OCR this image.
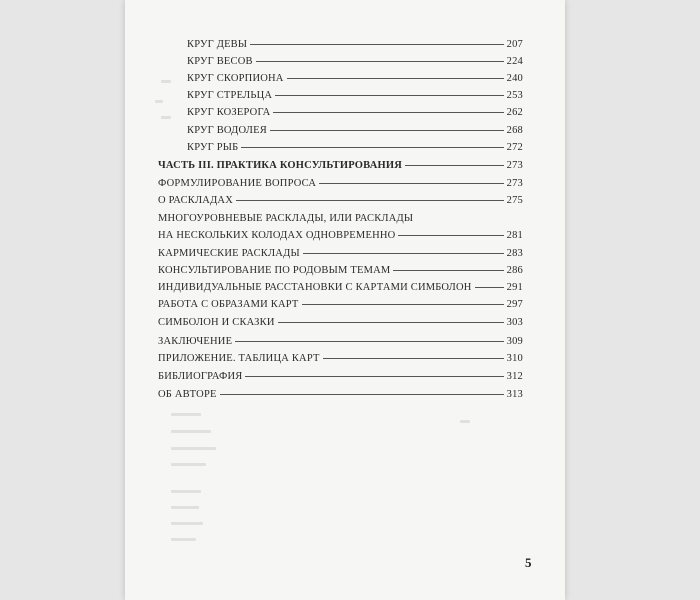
КРУГ ДЕВЫ	207
КРУГ ВЕСОВ	224
КРУГ СКОРПИОНА	240
КРУГ СТРЕЛЬЦА	253
КРУГ КОЗЕРОГА	262
КРУГ ВОДОЛЕЯ	268
КРУГ РЫБ	272
ЧАСТЬ III. ПРАКТИКА КОНСУЛЬТИРОВАНИЯ	273
ФОРМУЛИРОВАНИЕ ВОПРОСА	273
О РАСКЛАДАХ	275
МНОГОУРОВНЕВЫЕ РАСКЛАДЫ, ИЛИ РАСКЛАДЫ
НА НЕСКОЛЬКИХ КОЛОДАХ ОДНОВРЕМЕННО	281
КАРМИЧЕСКИЕ РАСКЛАДЫ	283
КОНСУЛЬТИРОВАНИЕ ПО РОДОВЫМ ТЕМАМ	286
ИНДИВИДУАЛЬНЫЕ РАССТАНОВКИ С КАРТАМИ СИМБОЛОН	291
РАБОТА С ОБРАЗАМИ КАРТ	297
СИМБОЛОН И СКАЗКИ	303
ЗАКЛЮЧЕНИЕ	309
ПРИЛОЖЕНИЕ. ТАБЛИЦА КАРТ	310
БИБЛИОГРАФИЯ	312
ОБ АВТОРЕ	313
5
